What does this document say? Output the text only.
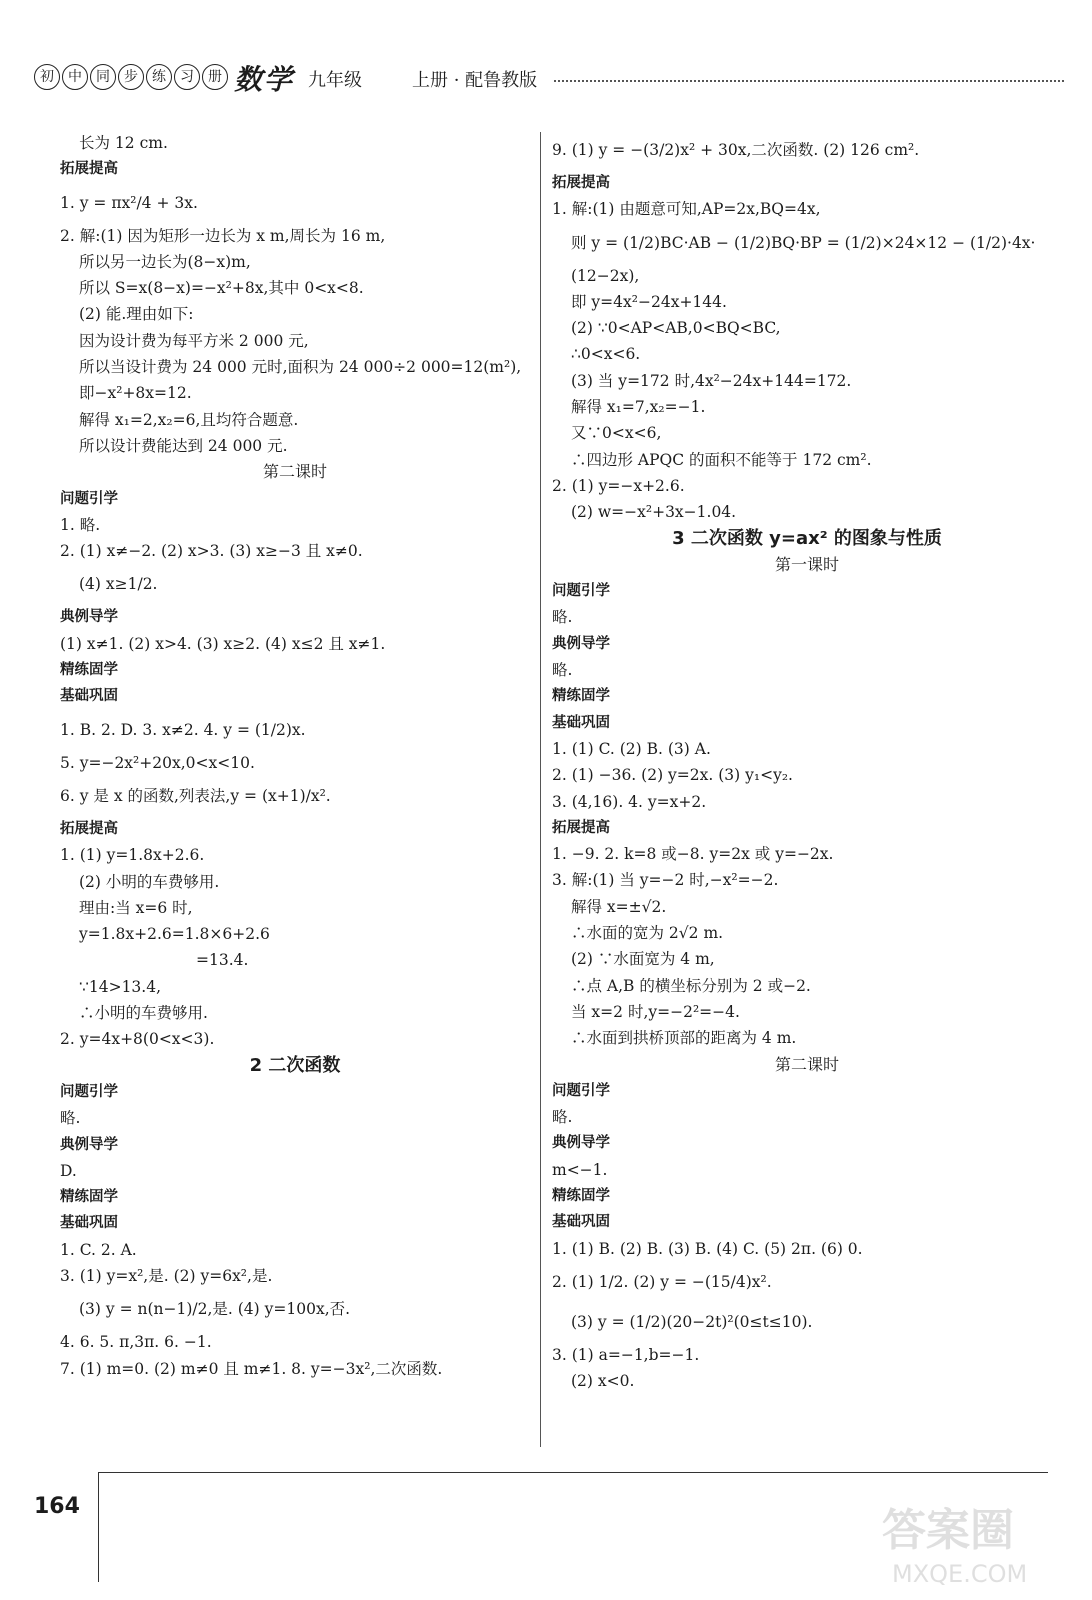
初	中	同	步	练	习	册 数学 九年级	上册 · 配鲁教版
长为 12 cm.
拓展提高
1. y = πx²/4 + 3x.
2. 解:(1) 因为矩形一边长为 x m,周长为 16 m,
所以另一边长为(8−x)m,
所以 S=x(8−x)=−x²+8x,其中 0<x<8.
(2) 能.理由如下:
因为设计费为每平方米 2 000 元,
所以当设计费为 24 000 元时,面积为 24 000÷2 000=12(m²),
即−x²+8x=12.
解得 x₁=2,x₂=6,且均符合题意.
所以设计费能达到 24 000 元.
第二课时
问题引学
1. 略.
2. (1) x≠−2. (2) x>3. (3) x≥−3 且 x≠0.
(4) x≥1/2.
典例导学
(1) x≠1. (2) x>4. (3) x≥2. (4) x≤2 且 x≠1.
精练固学
基础巩固
1. B. 2. D. 3. x≠2. 4. y = (1/2)x.
5. y=−2x²+20x,0<x<10.
6. y 是 x 的函数,列表法,y = (x+1)/x².
拓展提高
1. (1) y=1.8x+2.6.
(2) 小明的车费够用.
理由:当 x=6 时,
y=1.8x+2.6=1.8×6+2.6
=13.4.
∵14>13.4,
∴小明的车费够用.
2. y=4x+8(0<x<3).
2 二次函数
问题引学
略.
典例导学
D.
精练固学
基础巩固
1. C. 2. A.
3. (1) y=x²,是. (2) y=6x²,是.
(3) y = n(n−1)/2,是. (4) y=100x,否.
4. 6. 5. π,3π. 6. −1.
7. (1) m=0. (2) m≠0 且 m≠1. 8. y=−3x²,二次函数.
9. (1) y = −(3/2)x² + 30x,二次函数. (2) 126 cm².
拓展提高
1. 解:(1) 由题意可知,AP=2x,BQ=4x,
则 y = (1/2)BC·AB − (1/2)BQ·BP = (1/2)×24×12 − (1/2)·4x·
(12−2x),
即 y=4x²−24x+144.
(2) ∵0<AP<AB,0<BQ<BC,
∴0<x<6.
(3) 当 y=172 时,4x²−24x+144=172.
解得 x₁=7,x₂=−1.
又∵0<x<6,
∴四边形 APQC 的面积不能等于 172 cm².
2. (1) y=−x+2.6.
(2) w=−x²+3x−1.04.
3 二次函数 y=ax² 的图象与性质
第一课时
问题引学
略.
典例导学
略.
精练固学
基础巩固
1. (1) C. (2) B. (3) A.
2. (1) −36. (2) y=2x. (3) y₁<y₂.
3. (4,16). 4. y=x+2.
拓展提高
1. −9. 2. k=8 或−8. y=2x 或 y=−2x.
3. 解:(1) 当 y=−2 时,−x²=−2.
解得 x=±√2.
∴水面的宽为 2√2 m.
(2) ∵水面宽为 4 m,
∴点 A,B 的横坐标分别为 2 或−2.
当 x=2 时,y=−2²=−4.
∴水面到拱桥顶部的距离为 4 m.
第二课时
问题引学
略.
典例导学
m<−1.
精练固学
基础巩固
1. (1) B. (2) B. (3) B. (4) C. (5) 2π. (6) 0.
2. (1) 1/2. (2) y = −(15/4)x².
(3) y = (1/2)(20−2t)²(0≤t≤10).
3. (1) a=−1,b=−1.
(2) x<0.
164	答案圈
MXQE.COM
